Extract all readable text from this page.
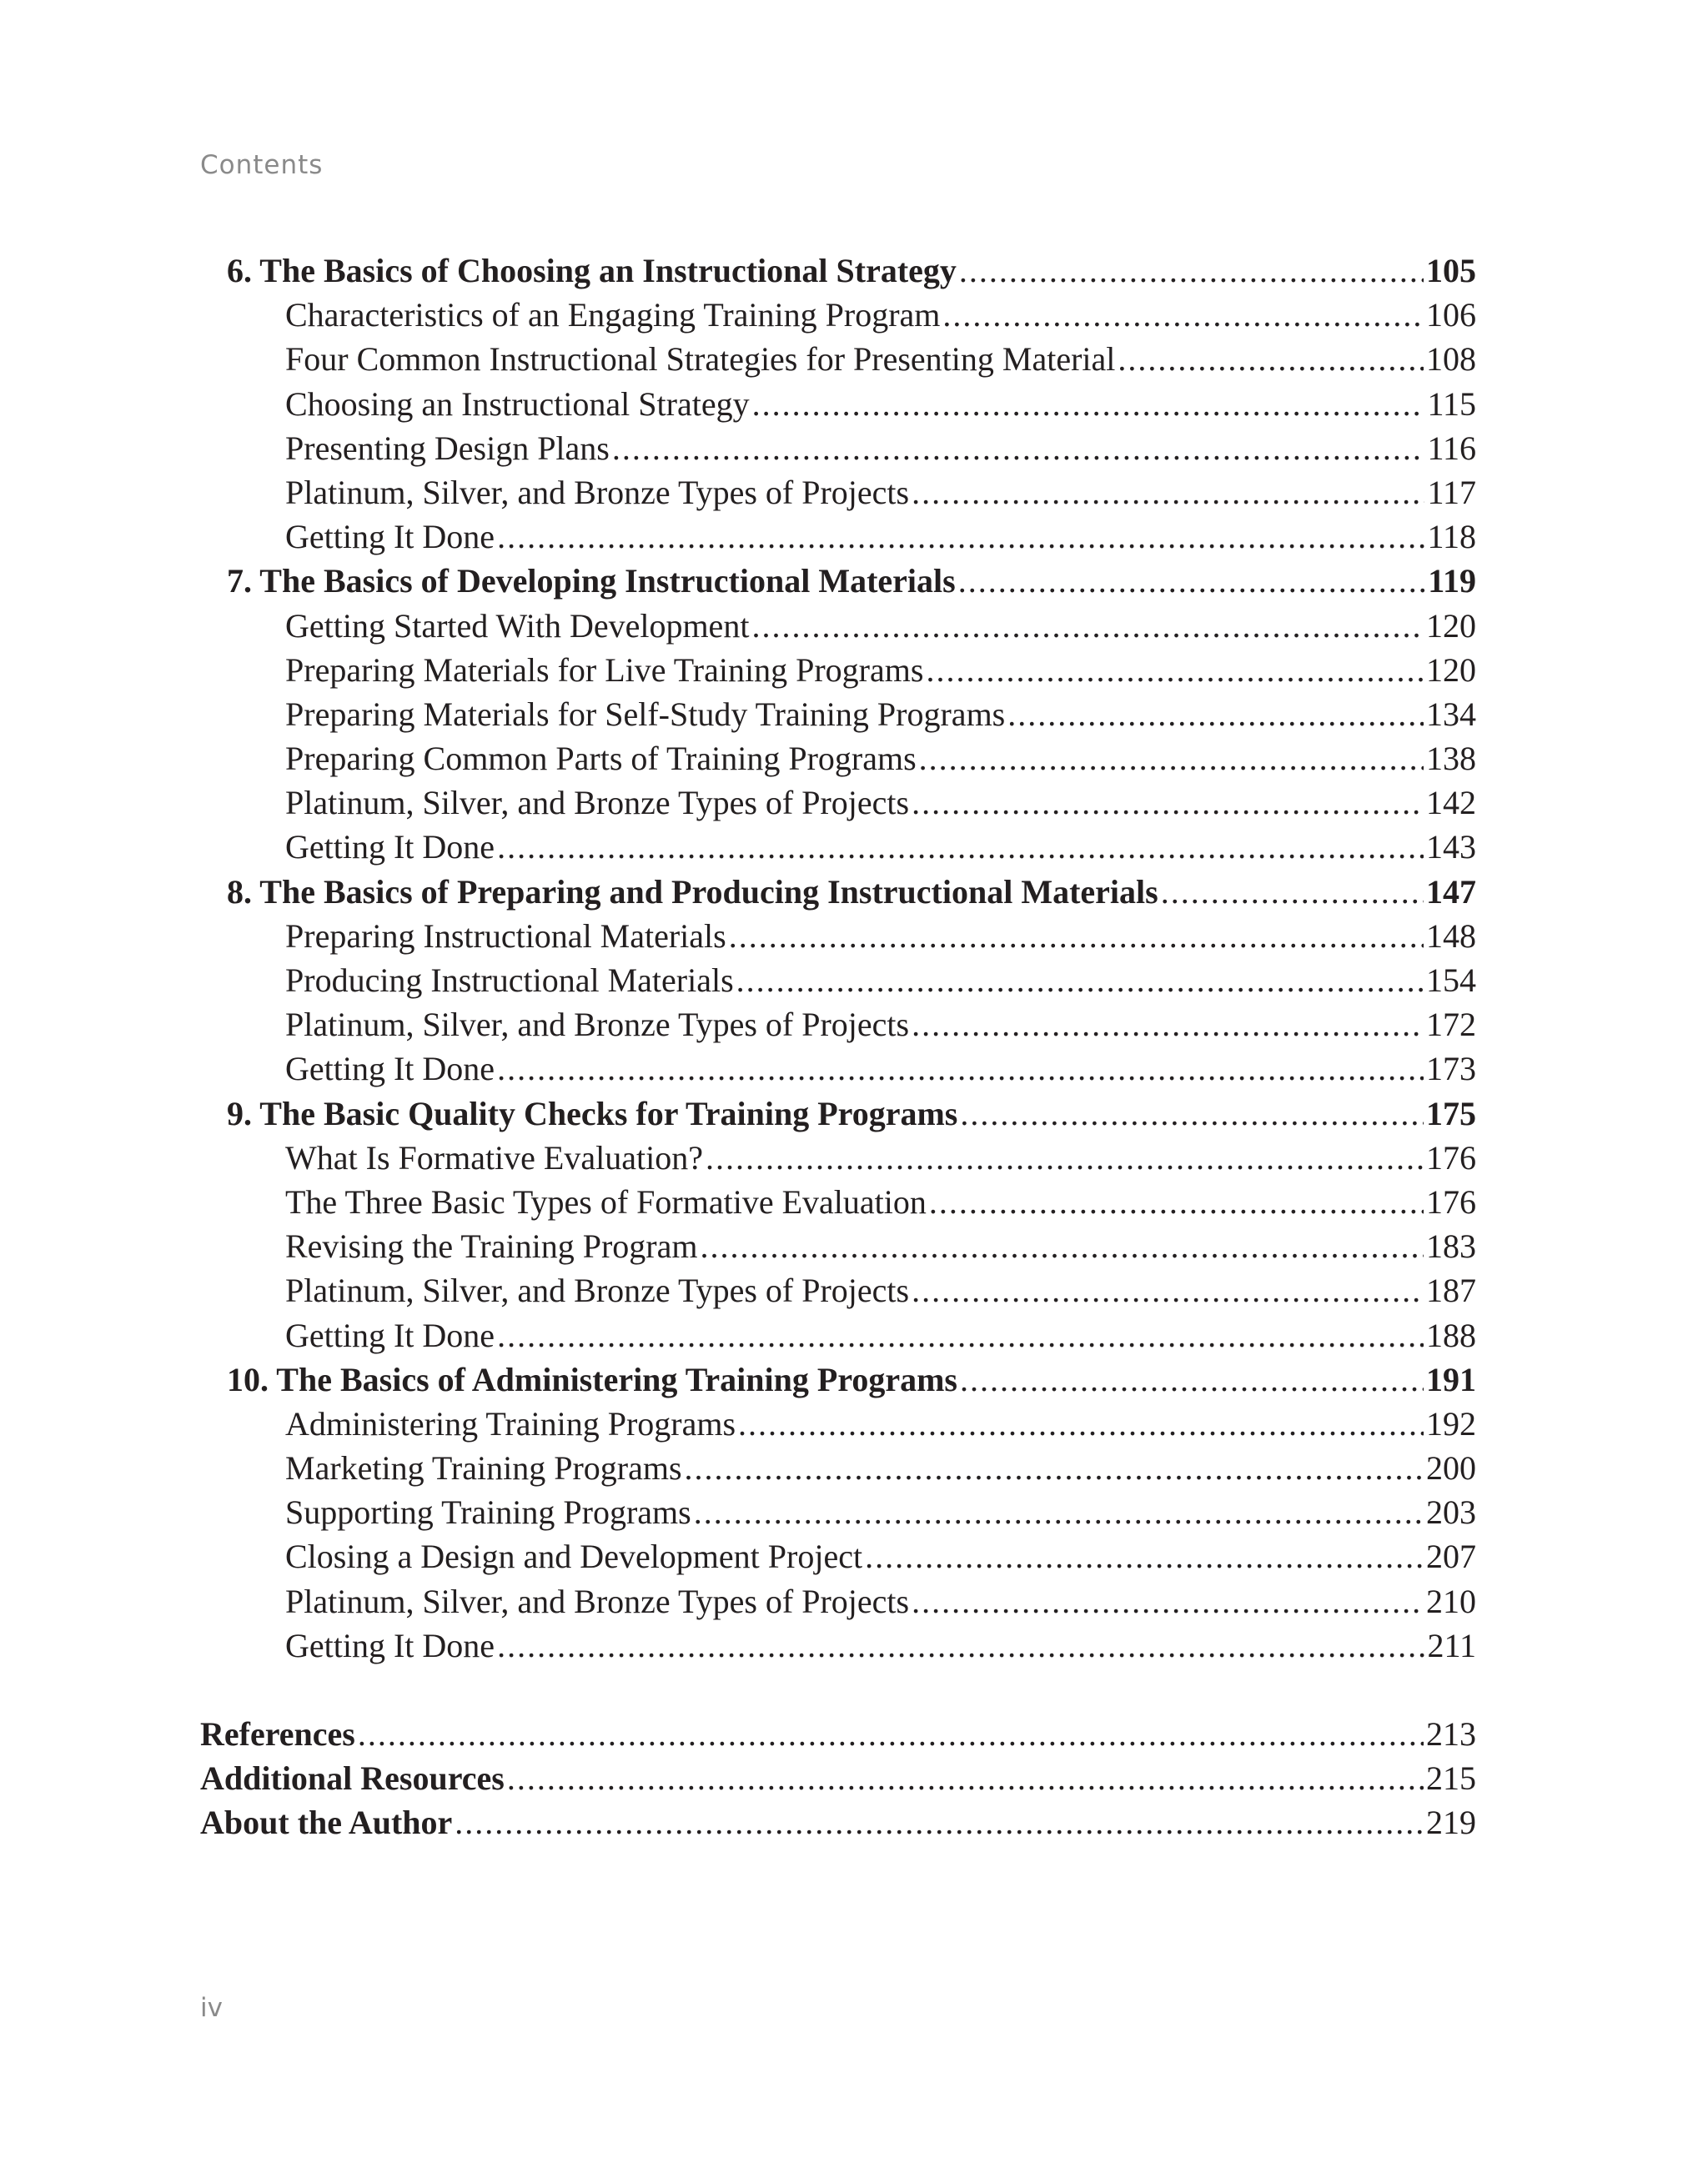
Contents
6. The Basics of Choosing an Instructional Strategy .....	105
Characteristics of an Engaging Training Program .....	106
Four Common Instructional Strategies for Presenting Material .....	108
Choosing an Instructional Strategy .....	115
Presenting Design Plans .....	116
Platinum, Silver, and Bronze Types of Projects .....	117
Getting It Done .....	118
7. The Basics of Developing Instructional Materials .....	119
Getting Started With Development .....	120
Preparing Materials for Live Training Programs .....	120
Preparing Materials for Self-Study Training Programs .....	134
Preparing Common Parts of Training Programs .....	138
Platinum, Silver, and Bronze Types of Projects .....	142
Getting It Done .....	143
8. The Basics of Preparing and Producing Instructional Materials .....	147
Preparing Instructional Materials .....	148
Producing Instructional Materials .....	154
Platinum, Silver, and Bronze Types of Projects .....	172
Getting It Done .....	173
9. The Basic Quality Checks for Training Programs .....	175
What Is Formative Evaluation? .....	176
The Three Basic Types of Formative Evaluation .....	176
Revising the Training Program .....	183
Platinum, Silver, and Bronze Types of Projects .....	187
Getting It Done .....	188
10. The Basics of Administering Training Programs .....	191
Administering Training Programs .....	192
Marketing Training Programs .....	200
Supporting Training Programs .....	203
Closing a Design and Development Project .....	207
Platinum, Silver, and Bronze Types of Projects .....	210
Getting It Done .....	211
References .....	213
Additional Resources .....	215
About the Author .....	219
iv
